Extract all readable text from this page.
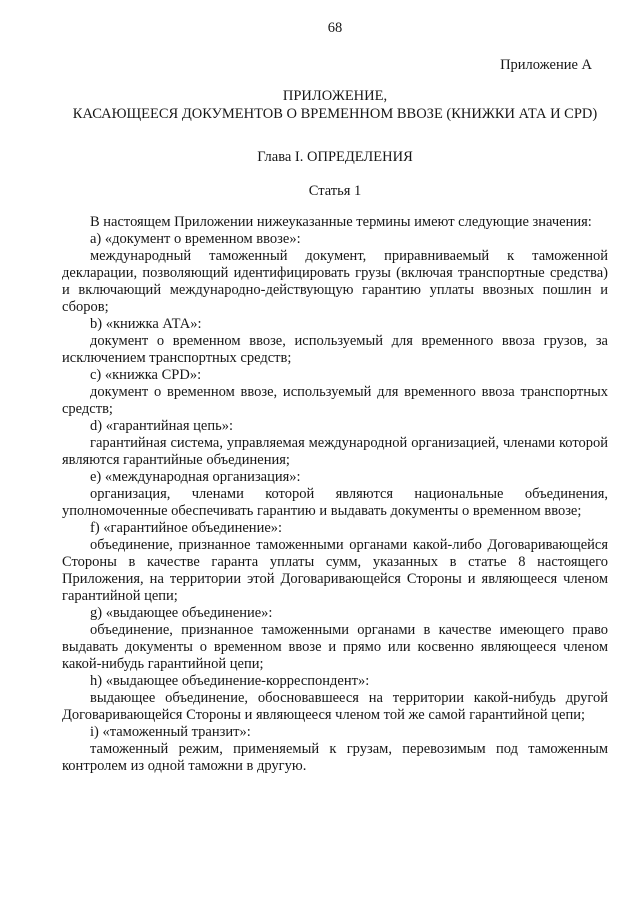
68
Приложение А
ПРИЛОЖЕНИЕ,
КАСАЮЩЕЕСЯ ДОКУМЕНТОВ О ВРЕМЕННОМ ВВОЗЕ (КНИЖКИ АТА И CPD)
Глава I. ОПРЕДЕЛЕНИЯ
Статья 1

В настоящем Приложении нижеуказанные термины имеют следующие значения:

a) «документ о временном ввозе»:

международный таможенный документ, приравниваемый к таможенной декларации, позволяющий идентифицировать грузы (включая транспортные средства) и включающий международно-действующую гарантию уплаты ввозных пошлин и сборов;

b) «книжка АТА»:

документ о временном ввозе, используемый для временного ввоза грузов, за исключением транспортных средств;

c) «книжка CPD»:

документ о временном ввозе, используемый для временного ввоза транспортных средств;

d) «гарантийная цепь»:

гарантийная система, управляемая международной организацией, членами которой являются гарантийные объединения;

e) «международная организация»:

организация, членами которой являются национальные объединения, уполномоченные обеспечивать гарантию и выдавать документы о временном ввозе;

f) «гарантийное объединение»:

объединение, признанное таможенными органами какой-либо Договаривающейся Стороны в качестве гаранта уплаты сумм, указанных в статье 8 настоящего Приложения, на территории этой Договаривающейся Стороны и являющееся членом гарантийной цепи;

g) «выдающее объединение»:

объединение, признанное таможенными органами в качестве имеющего право выдавать документы о временном ввозе и прямо или косвенно являющееся членом какой-нибудь гарантийной цепи;

h) «выдающее объединение-корреспондент»:

выдающее объединение, обосновавшееся на территории какой-нибудь другой Договаривающейся Стороны и являющееся членом той же самой гарантийной цепи;

i) «таможенный транзит»:

таможенный режим, применяемый к грузам, перевозимым под таможенным контролем из одной таможни в другую.
